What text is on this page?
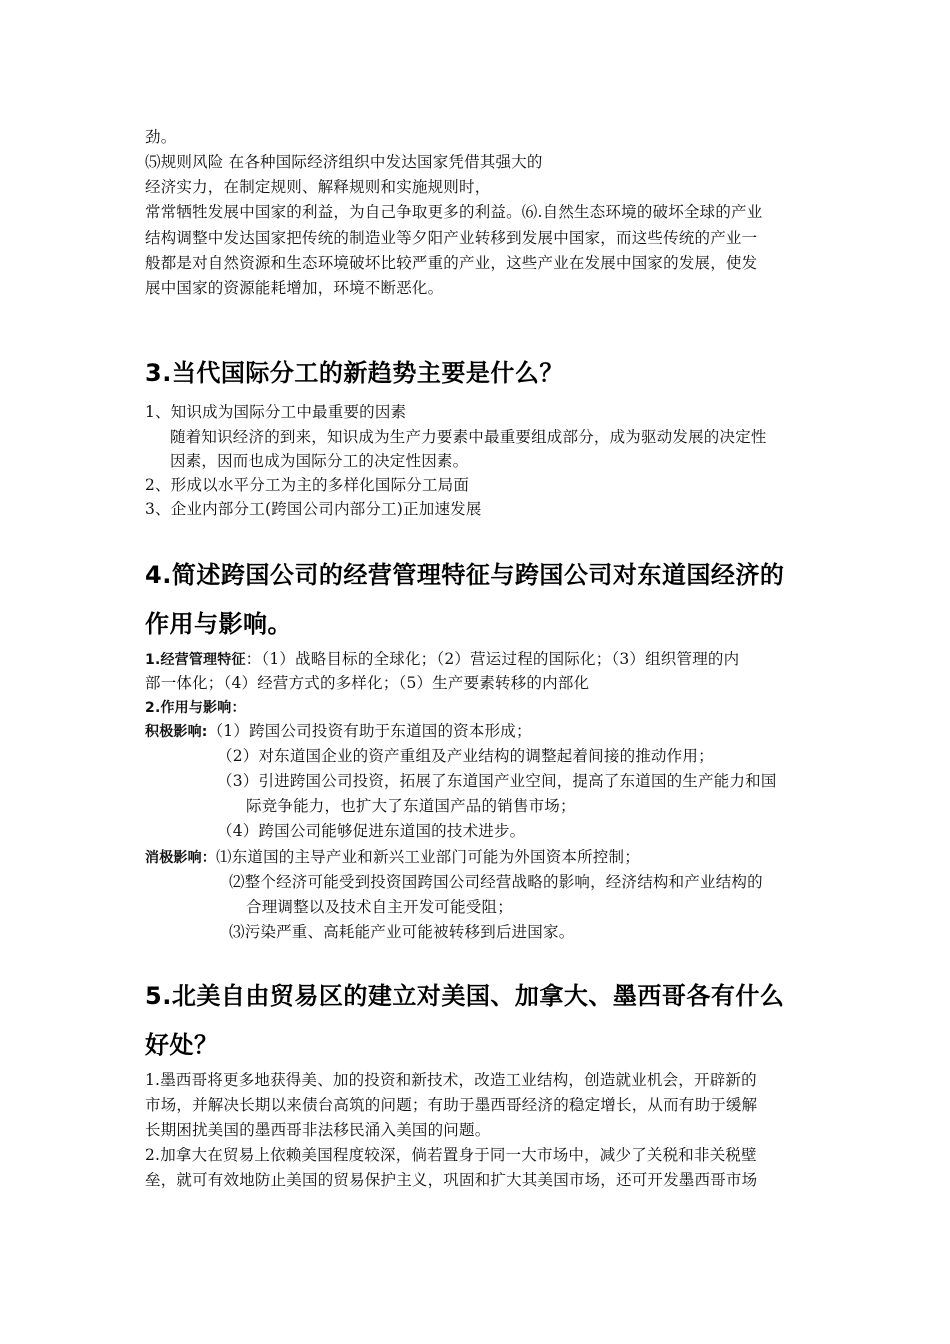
劲。
⑸规则风险 在各种国际经济组织中发达国家凭借其强大的
经济实力，在制定规则、解释规则和实施规则时，
常常牺牲发展中国家的利益，为自己争取更多的利益。⑹.自然生态环境的破坏全球的产业
结构调整中发达国家把传统的制造业等夕阳产业转移到发展中国家，而这些传统的产业一
般都是对自然资源和生态环境破坏比较严重的产业，这些产业在发展中国家的发展，使发
展中国家的资源能耗增加，环境不断恶化。
3.当代国际分工的新趋势主要是什么？
1、知识成为国际分工中最重要的因素
随着知识经济的到来，知识成为生产力要素中最重要组成部分，成为驱动发展的决定性
因素，因而也成为国际分工的决定性因素。
2、形成以水平分工为主的多样化国际分工局面
3、企业内部分工(跨国公司内部分工)正加速发展
4.简述跨国公司的经营管理特征与跨国公司对东道国经济的
作用与影响。
1.经营管理特征：（1）战略目标的全球化；（2）营运过程的国际化；（3）组织管理的内
部一体化；（4）经营方式的多样化；（5）生产要素转移的内部化
2.作用与影响：
积极影响:（1）跨国公司投资有助于东道国的资本形成；
（2）对东道国企业的资产重组及产业结构的调整起着间接的推动作用；
（3）引进跨国公司投资，拓展了东道国产业空间，提高了东道国的生产能力和国
际竞争能力，也扩大了东道国产品的销售市场；
（4）跨国公司能够促进东道国的技术进步。
消极影响：⑴东道国的主导产业和新兴工业部门可能为外国资本所控制；
⑵整个经济可能受到投资国跨国公司经营战略的影响，经济结构和产业结构的
合理调整以及技术自主开发可能受阻；
⑶污染严重、高耗能产业可能被转移到后进国家。
5.北美自由贸易区的建立对美国、加拿大、墨西哥各有什么
好处？
1.墨西哥将更多地获得美、加的投资和新技术，改造工业结构，创造就业机会，开辟新的
市场，并解决长期以来债台高筑的问题；有助于墨西哥经济的稳定增长，从而有助于缓解
长期困扰美国的墨西哥非法移民涌入美国的问题。
2.加拿大在贸易上依赖美国程度较深，倘若置身于同一大市场中，减少了关税和非关税壁
垒，就可有效地防止美国的贸易保护主义，巩固和扩大其美国市场，还可开发墨西哥市场
